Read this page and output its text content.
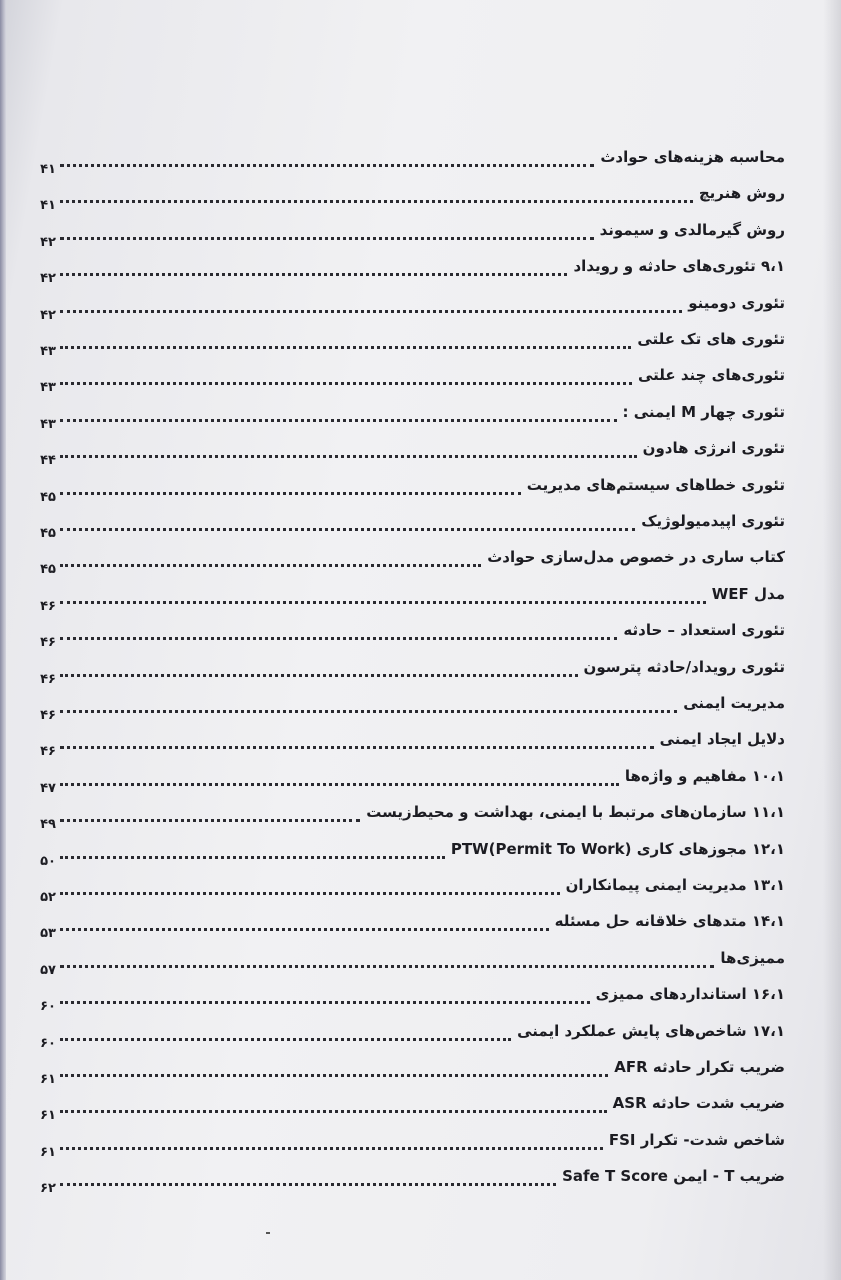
محاسبه هزینه‌های حوادث
۴۱
روش هنریچ
۴۱
روش گیرمالدی و سیموند
۴۲
۹،۱ تئوری‌های حادثه و رویداد
۴۲
تئوری دومینو
۴۲
تئوری های تک علتی
۴۳
تئوری‌های چند علتی
۴۳
تئوری چهار M ایمنی :
۴۳
تئوری انرژی هادون
۴۴
تئوری خطاهای سیستم‌های مدیریت
۴۵
تئوری اپیدمیولوژیک
۴۵
کتاب ساری در خصوص مدل‌سازی حوادث
۴۵
مدل WEF
۴۶
تئوری استعداد – حادثه
۴۶
تئوری رویداد/حادثه پترسون
۴۶
مدیریت ایمنی
۴۶
دلایل ایجاد ایمنی
۴۶
۱۰،۱ مفاهیم و واژه‌ها
۴۷
۱۱،۱ سازمان‌های مرتبط با ایمنی، بهداشت و محیط‌زیست
۴۹
۱۲،۱ مجوزهای کاری PTW(Permit To Work)
۵۰
۱۳،۱ مدیریت ایمنی پیمانکاران
۵۲
۱۴،۱ متدهای خلاقانه حل مسئله
۵۳
ممیزی‌ها
۵۷
۱۶،۱ استانداردهای ممیزی
۶۰
۱۷،۱ شاخص‌های پایش عملکرد ایمنی
۶۰
ضریب تکرار حادثه AFR
۶۱
ضریب شدت حادثه ASR
۶۱
شاخص شدت- تکرار FSI
۶۱
ضریب T - ایمن Safe T Score
۶۲
